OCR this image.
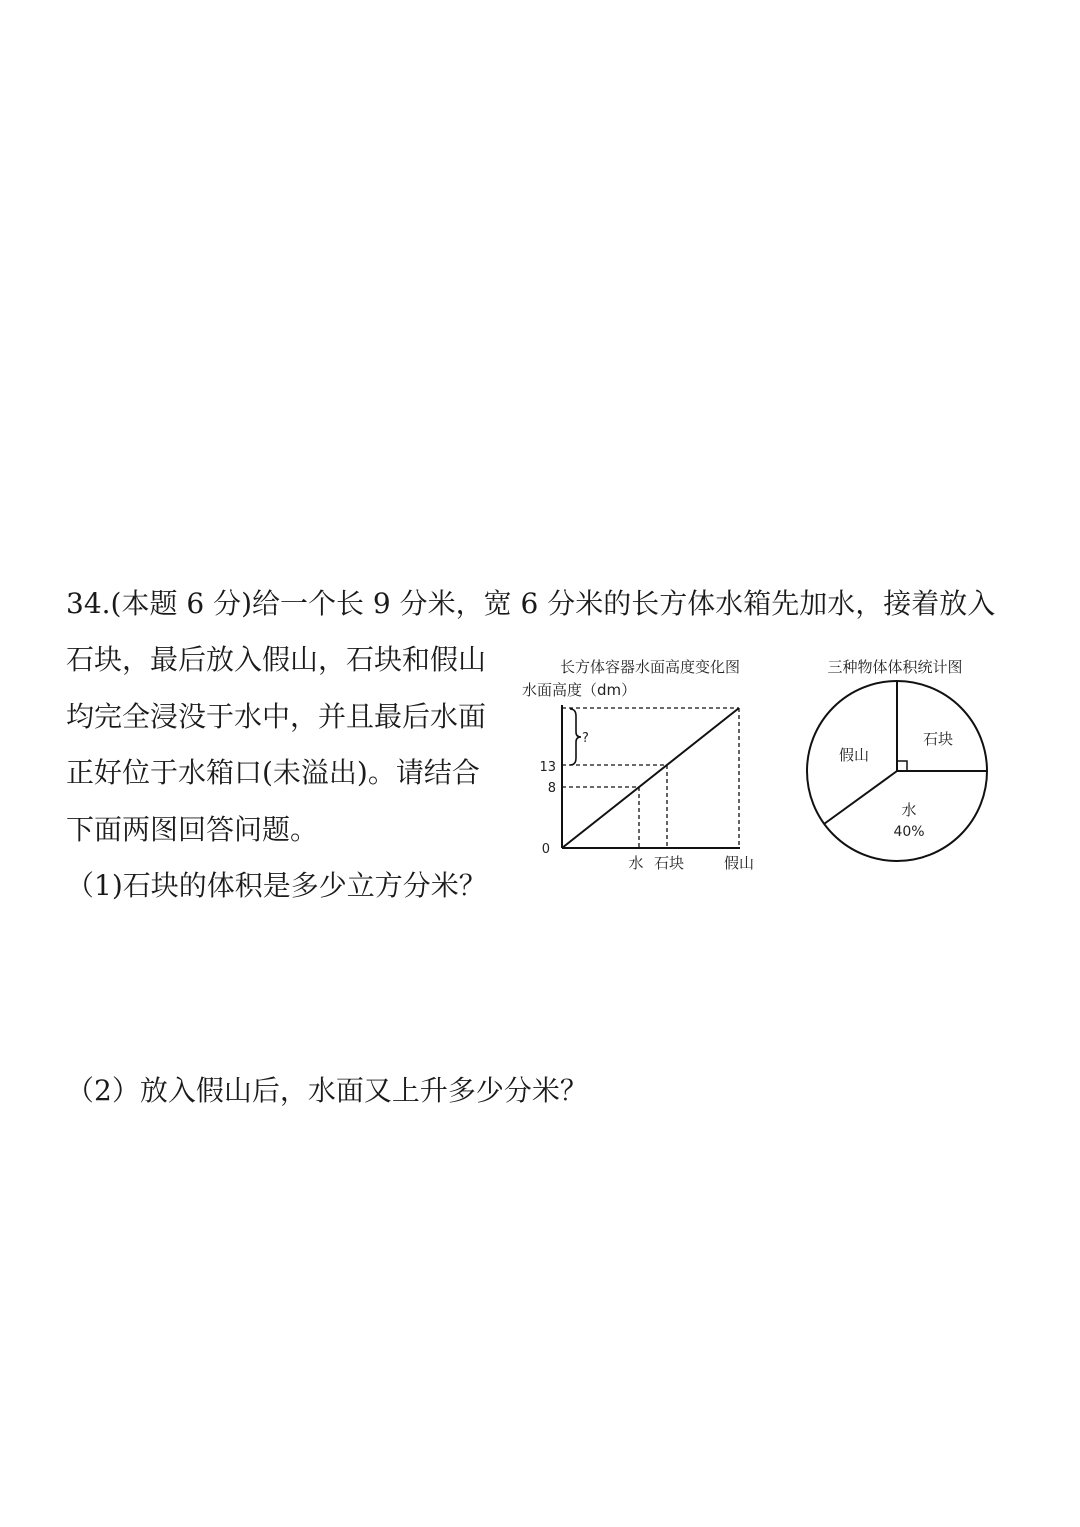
34.(本题 6 分)给一个长 9 分米，宽 6 分米的长方体水箱先加水，接着放入
石块，最后放入假山，石块和假山
均完全浸没于水中，并且最后水面
正好位于水箱口(未溢出)。请结合
下面两图回答问题。
（1)石块的体积是多少立方分米？
（2）放入假山后，水面又上升多少分米？
长方体容器水面高度变化图
水面高度（dm）
?
13
8
0
水 石块	假山
三种物体体积统计图
石块
假山
水
40%
